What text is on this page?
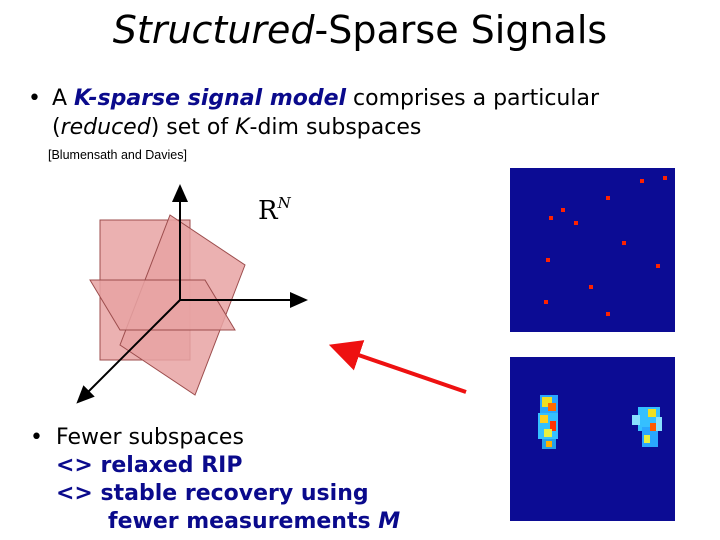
Structured-Sparse Signals
• A K-sparse signal model comprises a particular
(reduced) set of K-dim subspaces
[Blumensath and Davies]
$R^N$
• Fewer subspaces
<> relaxed RIP
<> stable recovery using
fewer measurements M
